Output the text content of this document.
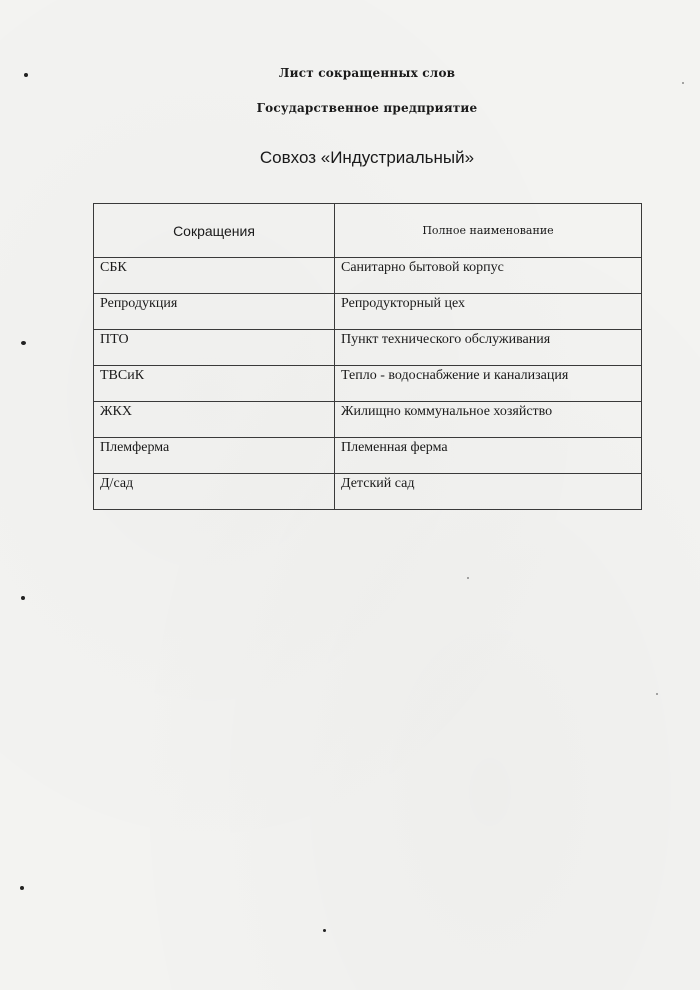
Лист сокращенных слов
Государственное предприятие
Совхоз «Индустриальный»
Сокращения	Полное наименование
СБК	Санитарно бытовой корпус
Репродукция	Репродукторный цех
ПТО	Пункт технического обслуживания
ТВСиК	Тепло - водоснабжение и канализация
ЖКХ	Жилищно коммунальное хозяйство
Племферма	Племенная ферма
Д/сад	Детский сад
